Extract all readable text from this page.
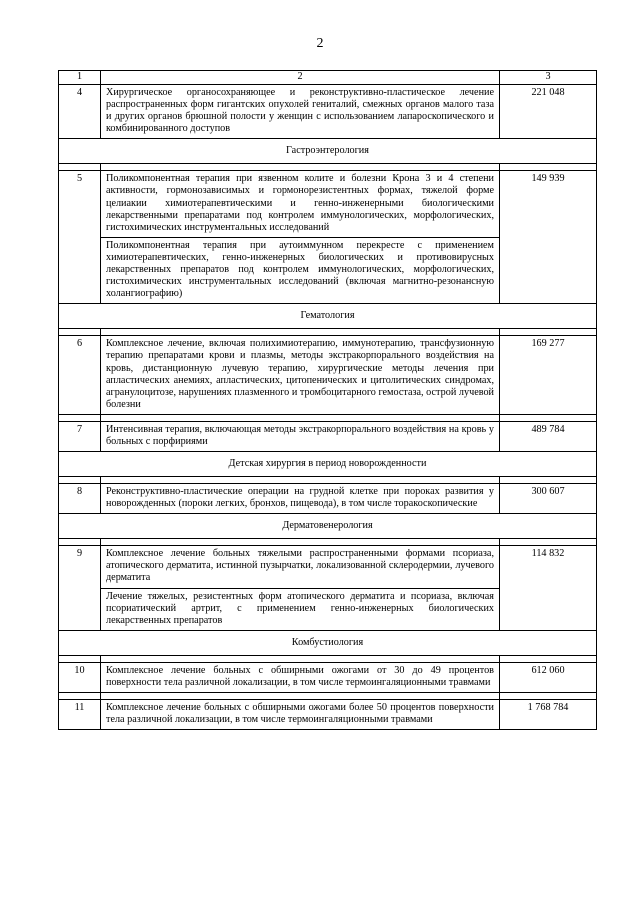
2
1	2	3
4	Хирургическое органосохраняющее и реконструктивно-пластическое лечение распространенных форм гигантских опухолей гениталий, смежных органов малого таза и других органов брюшной полости у женщин с использованием лапароскопического и комбинированного доступов	221 048
Гастроэнтерология		

5	Поликомпонентная терапия при язвенном колите и болезни Крона 3 и 4 степени активности, гормонозависимых и гормонорезистентных формах, тяжелой форме целиакии химиотерапевтическими и генно-инженерными биологическими лекарственными препаратами под контролем иммунологических, морфологических, гистохимических инструментальных исследований	149 939
	Поликомпонентная терапия при аутоиммунном перекресте с применением химиотерапевтических, генно-инженерных биологических и противовирусных лекарственных препаратов под контролем иммунологических, морфологических, гистохимических инструментальных исследований (включая магнитно-резонансную холангиографию)	
Гематология		

6	Комплексное лечение, включая полихимиотерапию, иммунотерапию, трансфузионную терапию препаратами крови и плазмы, методы экстракорпорального воздействия на кровь, дистанционную лучевую терапию, хирургические методы лечения при апластических анемиях, апластических, цитопенических и цитолитических синдромах, агранулоцитозе, нарушениях плазменного и тромбоцитарного гемостаза, острой лучевой болезни	169 277

7	Интенсивная терапия, включающая методы экстракорпорального воздействия на кровь у больных с порфириями	489 784
Детская хирургия в период новорожденности		

8	Реконструктивно-пластические операции на грудной клетке при пороках развития у новорожденных (пороки легких, бронхов, пищевода), в том числе торакоскопические	300 607
Дерматовенерология		

9	Комплексное лечение больных тяжелыми распространенными формами псориаза, атопического дерматита, истинной пузырчатки, локализованной склеродермии, лучевого дерматита	114 832
	Лечение тяжелых, резистентных форм атопического дерматита и псориаза, включая псориатический артрит, с применением генно-инженерных биологических лекарственных препаратов	
Комбустиология		

10	Комплексное лечение больных с обширными ожогами от 30 до 49 процентов поверхности тела различной локализации, в том числе термоингаляционными травмами	612 060

11	Комплексное лечение больных с обширными ожогами более 50 процентов поверхности тела различной локализации, в том числе термоингаляционными травмами	1 768 784
